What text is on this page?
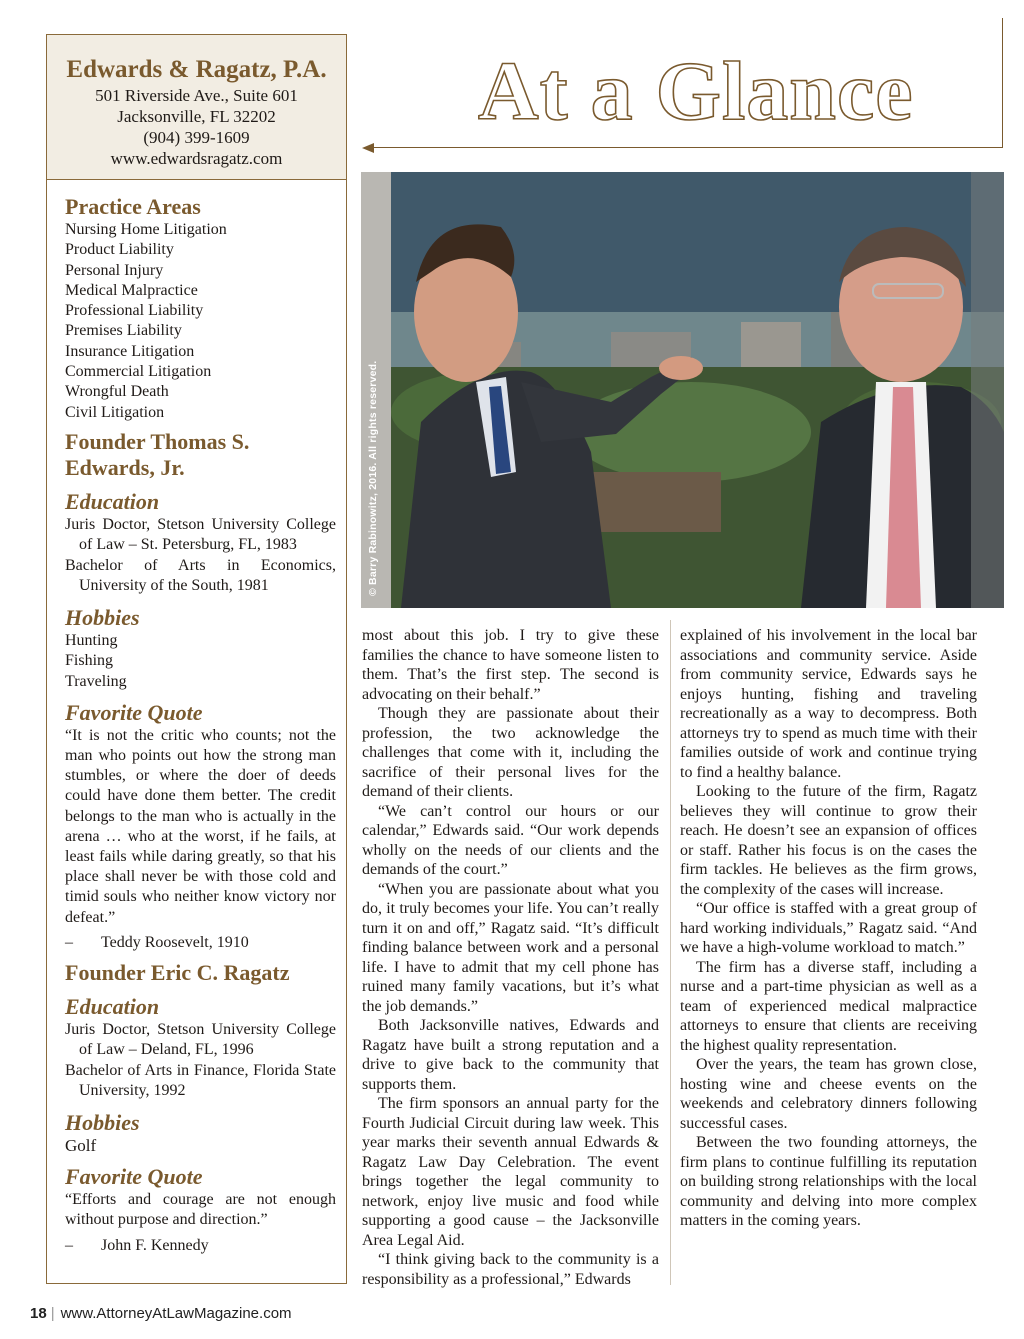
At a Glance
Edwards & Ragatz, P.A.
501 Riverside Ave., Suite 601
Jacksonville, FL 32202
(904) 399-1609
www.edwardsragatz.com
Practice Areas
Nursing Home Litigation
Product Liability
Personal Injury
Medical Malpractice
Professional Liability
Premises Liability
Insurance Litigation
Commercial Litigation
Wrongful Death
Civil Litigation
Founder Thomas S. Edwards, Jr.
Education
Juris Doctor, Stetson University College of Law – St. Petersburg, FL, 1983
Bachelor of Arts in Economics, University of the South, 1981
Hobbies
Hunting
Fishing
Traveling
Favorite Quote
“It is not the critic who counts; not the man who points out how the strong man stumbles, or where the doer of deeds could have done them better. The credit belongs to the man who is actually in the arena … who at the worst, if he fails, at least fails while daring greatly, so that his place shall never be with those cold and timid souls who neither know victory nor defeat.”
– Teddy Roosevelt, 1910
Founder Eric C. Ragatz
Education
Juris Doctor, Stetson University College of Law – Deland, FL, 1996
Bachelor of Arts in Finance, Florida State University, 1992
Hobbies
Golf
Favorite Quote
“Efforts and courage are not enough without purpose and direction.”
– John F. Kennedy
© Barry Rabinowitz, 2016. All rights reserved.

most about this job. I try to give these families the chance to have someone listen to them. That’s the first step. The second is advocating on their behalf.”

Though they are passionate about their profession, the two acknowledge the challenges that come with it, including the sacrifice of their personal lives for the demand of their clients.

“We can’t control our hours or our calendar,” Edwards said. “Our work depends wholly on the needs of our clients and the demands of the court.”

“When you are passionate about what you do, it truly becomes your life. You can’t really turn it on and off,” Ragatz said. “It’s difficult finding balance between work and a personal life. I have to admit that my cell phone has ruined many family vacations, but it’s what the job demands.”

Both Jacksonville natives, Edwards and Ragatz have built a strong reputation and a drive to give back to the community that supports them.

The firm sponsors an annual party for the Fourth Judicial Circuit during law week. This year marks their seventh annual Edwards & Ragatz Law Day Celebration. The event brings together the legal community to network, enjoy live music and food while supporting a good cause – the Jacksonville Area Legal Aid.

“I think giving back to the community is a responsibility as a professional,” Edwards

explained of his involvement in the local bar associations and community service. Aside from community service, Edwards says he enjoys hunting, fishing and traveling recreationally as a way to decompress. Both attorneys try to spend as much time with their families outside of work and continue trying to find a healthy balance.

Looking to the future of the firm, Ragatz believes they will continue to grow their reach. He doesn’t see an expansion of offices or staff. Rather his focus is on the cases the firm tackles. He believes as the firm grows, the complexity of the cases will increase.

“Our office is staffed with a great group of hard working individuals,” Ragatz said. “And we have a high-volume workload to match.”

The firm has a diverse staff, including a nurse and a part-time physician as well as a team of experienced medical malpractice attorneys to ensure that clients are receiving the highest quality representation.

Over the years, the team has grown close, hosting wine and cheese events on the weekends and celebratory dinners following successful cases.

Between the two founding attorneys, the firm plans to continue fulfilling its reputation on building strong relationships with the local community and delving into more complex matters in the coming years.

18 | www.AttorneyAtLawMagazine.com
